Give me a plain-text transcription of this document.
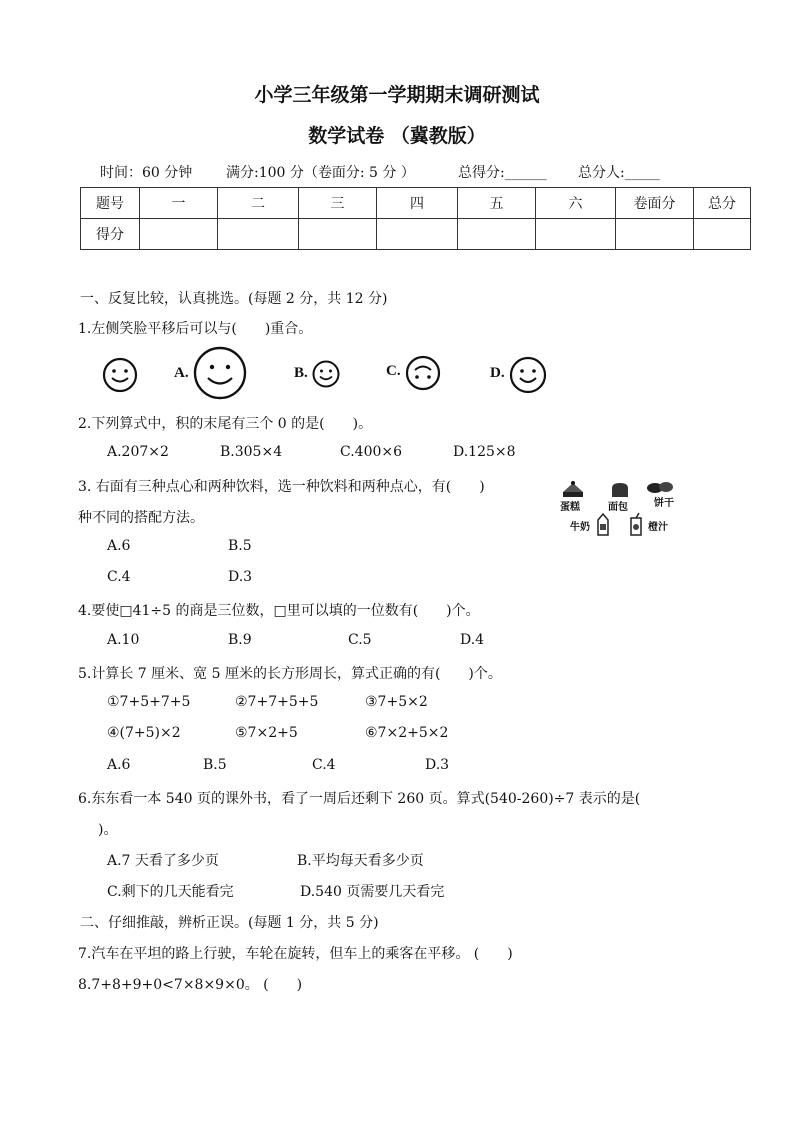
小学三年级第一学期期末调研测试
数学试卷 （冀教版）
时间：60 分钟 满分:100 分（卷面分: 5 分 ）	总得分:______ 总分人:_____
题号	一	二	三	四	五	六	卷面分	总分
得分								
一、反复比较，认真挑选。(每题 2 分，共 12 分)
1.左侧笑脸平移后可以与(　　)重合。
A.	B.	C.	D.
2.下列算式中，积的末尾有三个 0 的是(　　)。
A.207×2	B.305×4	C.400×6	D.125×8
3. 右面有三种点心和两种饮料，选一种饮料和两种点心，有(　　)
种不同的搭配方法。
A.6	B.5
C.4	D.3
蛋糕	面包	饼干
牛奶	橙汁
4.要使□41÷5 的商是三位数，□里可以填的一位数有(　　)个。
A.10	B.9	C.5	D.4
5.计算长 7 厘米、宽 5 厘米的长方形周长，算式正确的有(　　)个。
①7+5+7+5	②7+7+5+5	③7+5×2
④(7+5)×2	⑤7×2+5	⑥7×2+5×2
A.6	B.5	C.4	D.3
6.东东看一本 540 页的课外书，看了一周后还剩下 260 页。算式(540-260)÷7 表示的是(
)。
A.7 天看了多少页	B.平均每天看多少页
C.剩下的几天能看完	D.540 页需要几天看完
二、仔细推敲，辨析正误。(每题 1 分，共 5 分)
7.汽车在平坦的路上行驶，车轮在旋转，但车上的乘客在平移。 (　　)
8.7+8+9+0<7×8×9×0。 (　　)
